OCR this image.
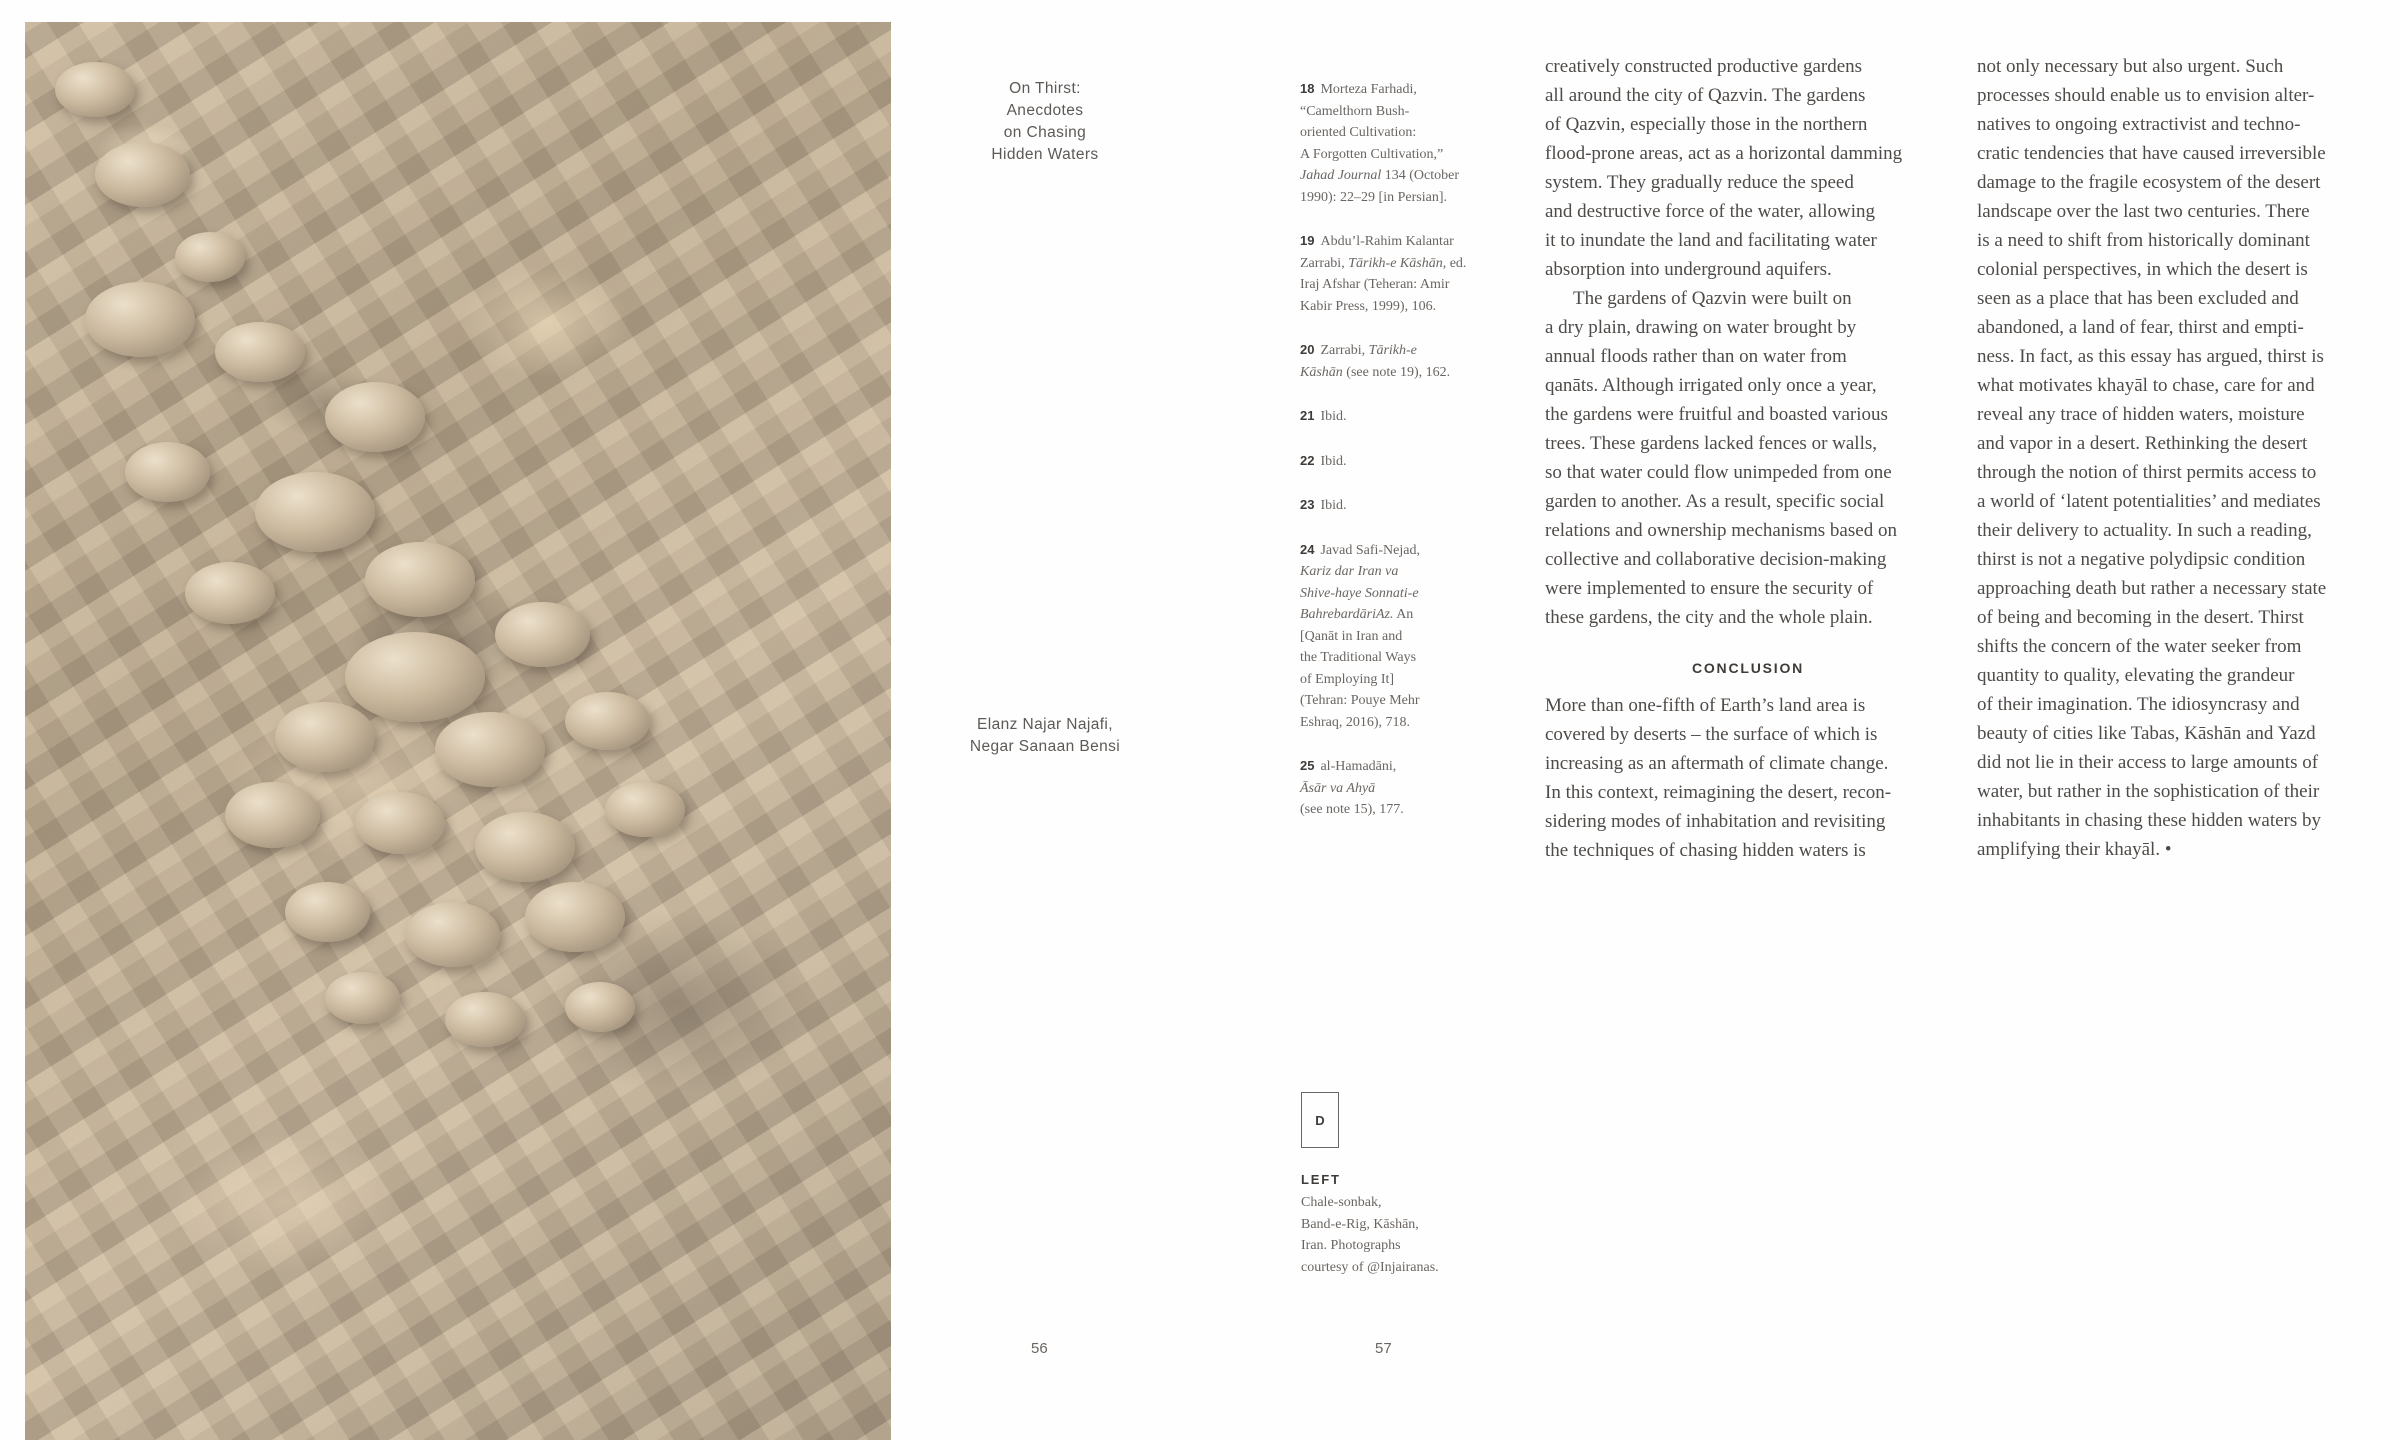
On Thirst:
Anecdotes
on Chasing
Hidden Waters
Elanz Najar Najafi,
Negar Sanaan Bensi
18 Morteza Farhadi,
“Camelthorn Bush-
oriented Cultivation:
A Forgotten Cultivation,”
Jahad Journal 134 (October
1990): 22–29 [in Persian].
19 Abdu’l-Rahim Kalantar
Zarrabi, Tārikh-e Kāshān, ed.
Iraj Afshar (Teheran: Amir
Kabir Press, 1999), 106.
20 Zarrabi, Tārikh-e
Kāshān (see note 19), 162.
21 Ibid.
22 Ibid.
23 Ibid.
24 Javad Safi-Nejad,
Kariz dar Iran va
Shive-haye Sonnati-e
BahrebardāriAz. An
[Qanāt in Iran and
the Traditional Ways
of Employing It]
(Tehran: Pouye Mehr
Eshraq, 2016), 718.
25 al-Hamadāni,
Āsār va Ahyā
(see note 15), 177.

creatively constructed productive gardens
all around the city of Qazvin. The gardens
of Qazvin, especially those in the northern
flood-prone areas, act as a horizontal damming
system. They gradually reduce the speed
and destructive force of the water, allowing
it to inundate the land and facilitating water
absorption into underground aquifers.

The gardens of Qazvin were built on
a dry plain, drawing on water brought by
annual floods rather than on water from
qanāts. Although irrigated only once a year,
the gardens were fruitful and boasted various
trees. These gardens lacked fences or walls,
so that water could flow unimpeded from one
garden to another. As a result, specific social
relations and ownership mechanisms based on
collective and collaborative decision-making
were implemented to ensure the security of
these gardens, the city and the whole plain.

CONCLUSION

More than one-fifth of Earth’s land area is
covered by deserts – the surface of which is
increasing as an aftermath of climate change.
In this context, reimagining the desert, recon-
sidering modes of inhabitation and revisiting
the techniques of chasing hidden waters is

not only necessary but also urgent. Such
processes should enable us to envision alter-
natives to ongoing extractivist and techno-
cratic tendencies that have caused irreversible
damage to the fragile ecosystem of the desert
landscape over the last two centuries. There
is a need to shift from historically dominant
colonial perspectives, in which the desert is
seen as a place that has been excluded and
abandoned, a land of fear, thirst and empti-
ness. In fact, as this essay has argued, thirst is
what motivates khayāl to chase, care for and
reveal any trace of hidden waters, moisture
and vapor in a desert. Rethinking the desert
through the notion of thirst permits access to
a world of ‘latent potentialities’ and mediates
their delivery to actuality. In such a reading,
thirst is not a negative polydipsic condition
approaching death but rather a necessary state
of being and becoming in the desert. Thirst
shifts the concern of the water seeker from
quantity to quality, elevating the grandeur
of their imagination. The idiosyncrasy and
beauty of cities like Tabas, Kāshān and Yazd
did not lie in their access to large amounts of
water, but rather in the sophistication of their
inhabitants in chasing these hidden waters by
amplifying their khayāl. •

D
LEFT
Chale-sonbak,
Band-e-Rig, Kāshān,
Iran. Photographs
courtesy of @Injairanas.
56	57
